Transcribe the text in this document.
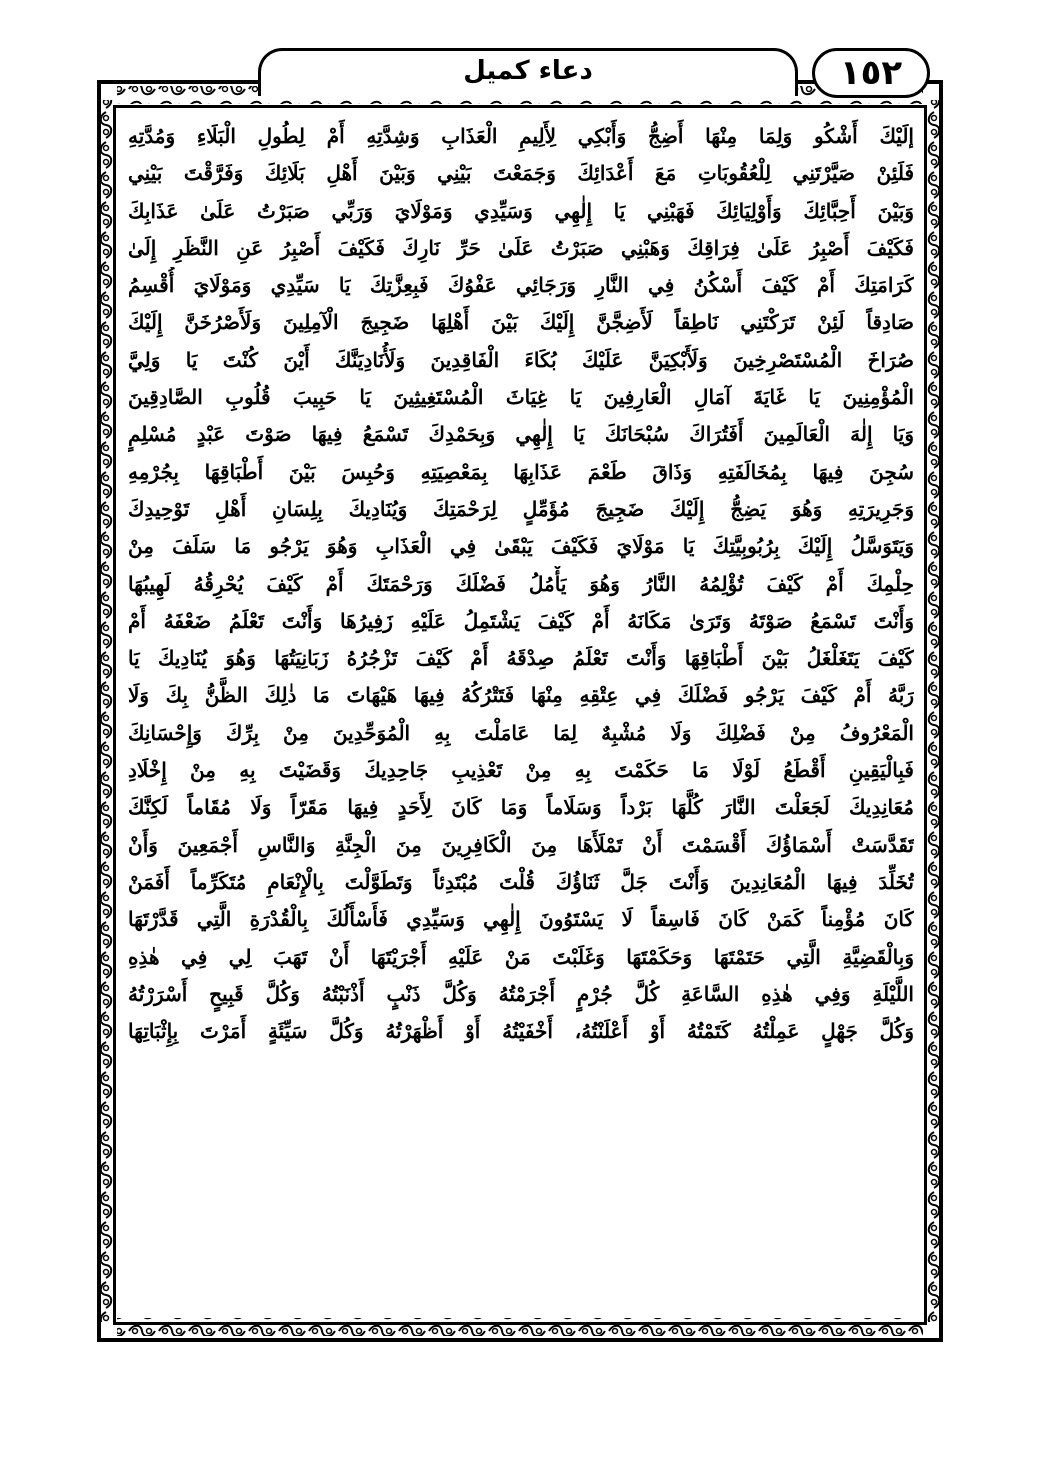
دعاء كميل	١٥٢
إلَيْكَ أَشْكُو وَلِمَا مِنْهَا أَضِجُّ وَأَبْكِي لِأَلِيمِ الْعَذَابِ وَشِدَّتِهِ أَمْ لِطُولِ الْبَلَاءِ وَمُدَّتِهِ
فَلَئِنْ صَيَّرْتَنِي لِلْعُقُوبَاتِ مَعَ أَعْدَائِكَ وَجَمَعْتَ بَيْنِي وَبَيْنَ أَهْلِ بَلَائِكَ وَفَرَّقْتَ بَيْنِي
وَبَيْنَ أَحِبَّائِكَ وَأَوْلِيَائِكَ فَهَبْنِي يَا إِلٰهِي وَسَيِّدِي وَمَوْلَايَ وَرَبِّي صَبَرْتُ عَلَىٰ عَذَابِكَ
فَكَيْفَ أَصْبِرُ عَلَىٰ فِرَاقِكَ وَهَبْنِي صَبَرْتُ عَلَىٰ حَرِّ نَارِكَ فَكَيْفَ أَصْبِرُ عَنِ النَّظَرِ إِلَىٰ
كَرَامَتِكَ أَمْ كَيْفَ أَسْكُنُ فِي النَّارِ وَرَجَائِي عَفْوُكَ فَبِعِزَّتِكَ يَا سَيِّدِي وَمَوْلَايَ أُقْسِمُ
صَادِقاً لَئِنْ تَرَكْتَنِي نَاطِقاً لَأَضِجَّنَّ إِلَيْكَ بَيْنَ أَهْلِهَا ضَجِيجَ الْآمِلِينَ وَلَأَصْرُخَنَّ إِلَيْكَ
صُرَاخَ الْمُسْتَصْرِخِينَ وَلَأَبْكِيَنَّ عَلَيْكَ بُكَاءَ الْفَاقِدِينَ وَلَأُنَادِيَنَّكَ أَيْنَ كُنْتَ يَا وَلِيَّ
الْمُؤْمِنِينَ يَا غَايَةَ آمَالِ الْعَارِفِينَ يَا غِيَاثَ الْمُسْتَغِيثِينَ يَا حَبِيبَ قُلُوبِ الصَّادِقِينَ
وَيَا إِلٰهَ الْعَالَمِينَ أَفَتُرَاكَ سُبْحَانَكَ يَا إِلٰهِي وَبِحَمْدِكَ تَسْمَعُ فِيهَا صَوْتَ عَبْدٍ مُسْلِمٍ
سُجِنَ فِيهَا بِمُخَالَفَتِهِ وَذَاقَ طَعْمَ عَذَابِهَا بِمَعْصِيَتِهِ وَحُبِسَ بَيْنَ أَطْبَاقِهَا بِجُرْمِهِ
وَجَرِيرَتِهِ وَهُوَ يَضِجُّ إِلَيْكَ ضَجِيجَ مُؤَمِّلٍ لِرَحْمَتِكَ وَيُنَادِيكَ بِلِسَانِ أَهْلِ تَوْحِيدِكَ
وَيَتَوَسَّلُ إِلَيْكَ بِرُبُوبِيَّتِكَ يَا مَوْلَايَ فَكَيْفَ يَبْقَىٰ فِي الْعَذَابِ وَهُوَ يَرْجُو مَا سَلَفَ مِنْ
حِلْمِكَ أَمْ كَيْفَ تُؤْلِمُهُ النَّارُ وَهُوَ يَأْمُلُ فَضْلَكَ وَرَحْمَتَكَ أَمْ كَيْفَ يُحْرِقُهُ لَهِيبُهَا
وَأَنْتَ تَسْمَعُ صَوْتَهُ وَتَرَىٰ مَكَانَهُ أَمْ كَيْفَ يَشْتَمِلُ عَلَيْهِ زَفِيرُهَا وَأَنْتَ تَعْلَمُ ضَعْفَهُ أَمْ
كَيْفَ يَتَغَلْغَلُ بَيْنَ أَطْبَاقِهَا وَأَنْتَ تَعْلَمُ صِدْقَهُ أَمْ كَيْفَ تَزْجُرُهُ زَبَانِيَتُهَا وَهُوَ يُنَادِيكَ يَا
رَبَّهُ أَمْ كَيْفَ يَرْجُو فَضْلَكَ فِي عِتْقِهِ مِنْهَا فَتَتْرُكُهُ فِيهَا هَيْهَاتَ مَا ذٰلِكَ الظَّنُّ بِكَ وَلَا
الْمَعْرُوفُ مِنْ فَضْلِكَ وَلَا مُشْبِهٌ لِمَا عَامَلْتَ بِهِ الْمُوَحِّدِينَ مِنْ بِرِّكَ وَإِحْسَانِكَ
فَبِالْيَقِينِ أَقْطَعُ لَوْلَا مَا حَكَمْتَ بِهِ مِنْ تَعْذِيبِ جَاحِدِيكَ وَقَضَيْتَ بِهِ مِنْ إِخْلَادِ
مُعَانِدِيكَ لَجَعَلْتَ النَّارَ كُلَّهَا بَرْداً وَسَلَاماً وَمَا كَانَ لِأَحَدٍ فِيهَا مَقَرّاً وَلَا مُقَاماً لَكِنَّكَ
تَقَدَّسَتْ أَسْمَاؤُكَ أَقْسَمْتَ أَنْ تَمْلَأَهَا مِنَ الْكَافِرِينَ مِنَ الْجِنَّةِ وَالنَّاسِ أَجْمَعِينَ وَأَنْ
تُخَلِّدَ فِيهَا الْمُعَانِدِينَ وَأَنْتَ جَلَّ ثَنَاؤُكَ قُلْتَ مُبْتَدِئاً وَتَطَوَّلْتَ بِالْإِنْعَامِ مُتَكَرِّماً أَفَمَنْ
كَانَ مُؤْمِناً كَمَنْ كَانَ فَاسِقاً لَا يَسْتَوُونَ إِلٰهِي وَسَيِّدِي فَأَسْأَلُكَ بِالْقُدْرَةِ الَّتِي قَدَّرْتَهَا
وَبِالْقَضِيَّةِ الَّتِي حَتَمْتَهَا وَحَكَمْتَهَا وَغَلَبْتَ مَنْ عَلَيْهِ أَجْرَيْتَهَا أَنْ تَهَبَ لِي فِي هٰذِهِ
اللَّيْلَةِ وَفِي هٰذِهِ السَّاعَةِ كُلَّ جُرْمٍ أَجْرَمْتُهُ وَكُلَّ ذَنْبٍ أَذْنَبْتُهُ وَكُلَّ قَبِيحٍ أَسْرَرْتُهُ
وَكُلَّ جَهْلٍ عَمِلْتُهُ كَتَمْتُهُ أَوْ أَعْلَنْتُهُ، أَخْفَيْتُهُ أَوْ أَظْهَرْتُهُ وَكُلَّ سَيِّئَةٍ أَمَرْتَ بِإِثْبَاتِهَا
